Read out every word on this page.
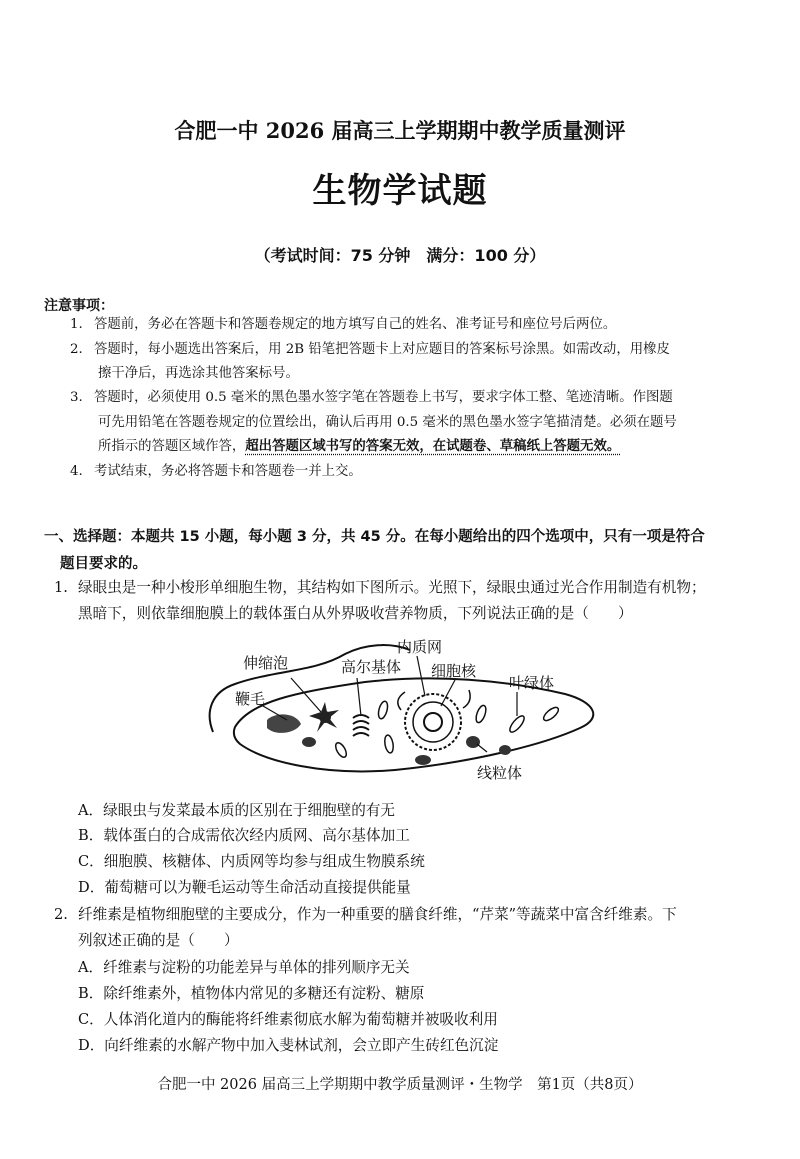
合肥一中 2026 届高三上学期期中教学质量测评
生物学试题
（考试时间：75 分钟　满分：100 分）
注意事项：
1. 答题前，务必在答题卡和答题卷规定的地方填写自己的姓名、准考证号和座位号后两位。
2. 答题时，每小题选出答案后，用 2B 铅笔把答题卡上对应题目的答案标号涂黑。如需改动，用橡皮
擦干净后，再选涂其他答案标号。
3. 答题时，必须使用 0.5 毫米的黑色墨水签字笔在答题卷上书写，要求字体工整、笔迹清晰。作图题
可先用铅笔在答题卷规定的位置绘出，确认后再用 0.5 毫米的黑色墨水签字笔描清楚。必须在题号
所指示的答题区域作答，超出答题区域书写的答案无效，在试题卷、草稿纸上答题无效。
4. 考试结束，务必将答题卡和答题卷一并上交。
一、选择题：本题共 15 小题，每小题 3 分，共 45 分。在每小题给出的四个选项中，只有一项是符合
题目要求的。
1. 绿眼虫是一种小梭形单细胞生物，其结构如下图所示。光照下，绿眼虫通过光合作用制造有机物；
黑暗下，则依靠细胞膜上的载体蛋白从外界吸收营养物质，下列说法正确的是（　　）
鞭毛
伸缩泡	高尔基体
内质网
细胞核
叶绿体
线粒体
A．绿眼虫与发菜最本质的区别在于细胞壁的有无
B．载体蛋白的合成需依次经内质网、高尔基体加工
C．细胞膜、核糖体、内质网等均参与组成生物膜系统
D．葡萄糖可以为鞭毛运动等生命活动直接提供能量
2. 纤维素是植物细胞壁的主要成分，作为一种重要的膳食纤维，“芹菜”等蔬菜中富含纤维素。下
列叙述正确的是（　　）
A．纤维素与淀粉的功能差异与单体的排列顺序无关
B．除纤维素外，植物体内常见的多糖还有淀粉、糖原
C．人体消化道内的酶能将纤维素彻底水解为葡萄糖并被吸收利用
D．向纤维素的水解产物中加入斐林试剂，会立即产生砖红色沉淀
合肥一中 2026 届高三上学期期中教学质量测评・生物学　第1页（共8页）
